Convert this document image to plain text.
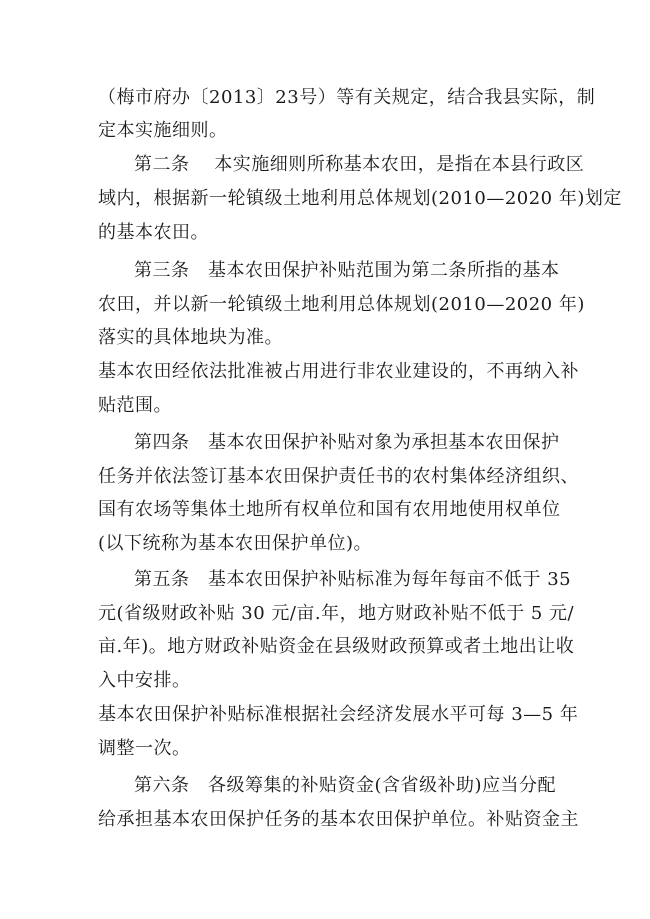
（梅市府办〔2013〕23号）等有关规定，结合我县实际，制
定本实施细则。
第二条　 本实施细则所称基本农田，是指在本县行政区
域内，根据新一轮镇级土地利用总体规划(2010—2020 年)划定
的基本农田。
第三条　基本农田保护补贴范围为第二条所指的基本
农田，并以新一轮镇级土地利用总体规划(2010—2020 年)
落实的具体地块为准。
基本农田经依法批准被占用进行非农业建设的，不再纳入补
贴范围。
第四条　基本农田保护补贴对象为承担基本农田保护
任务并依法签订基本农田保护责任书的农村集体经济组织、
国有农场等集体土地所有权单位和国有农用地使用权单位
(以下统称为基本农田保护单位)。
第五条　基本农田保护补贴标准为每年每亩不低于 35
元(省级财政补贴 30 元/亩.年，地方财政补贴不低于 5 元/
亩.年)。地方财政补贴资金在县级财政预算或者土地出让收
入中安排。
基本农田保护补贴标准根据社会经济发展水平可每 3—5 年
调整一次。
第六条　各级筹集的补贴资金(含省级补助)应当分配
给承担基本农田保护任务的基本农田保护单位。补贴资金主
